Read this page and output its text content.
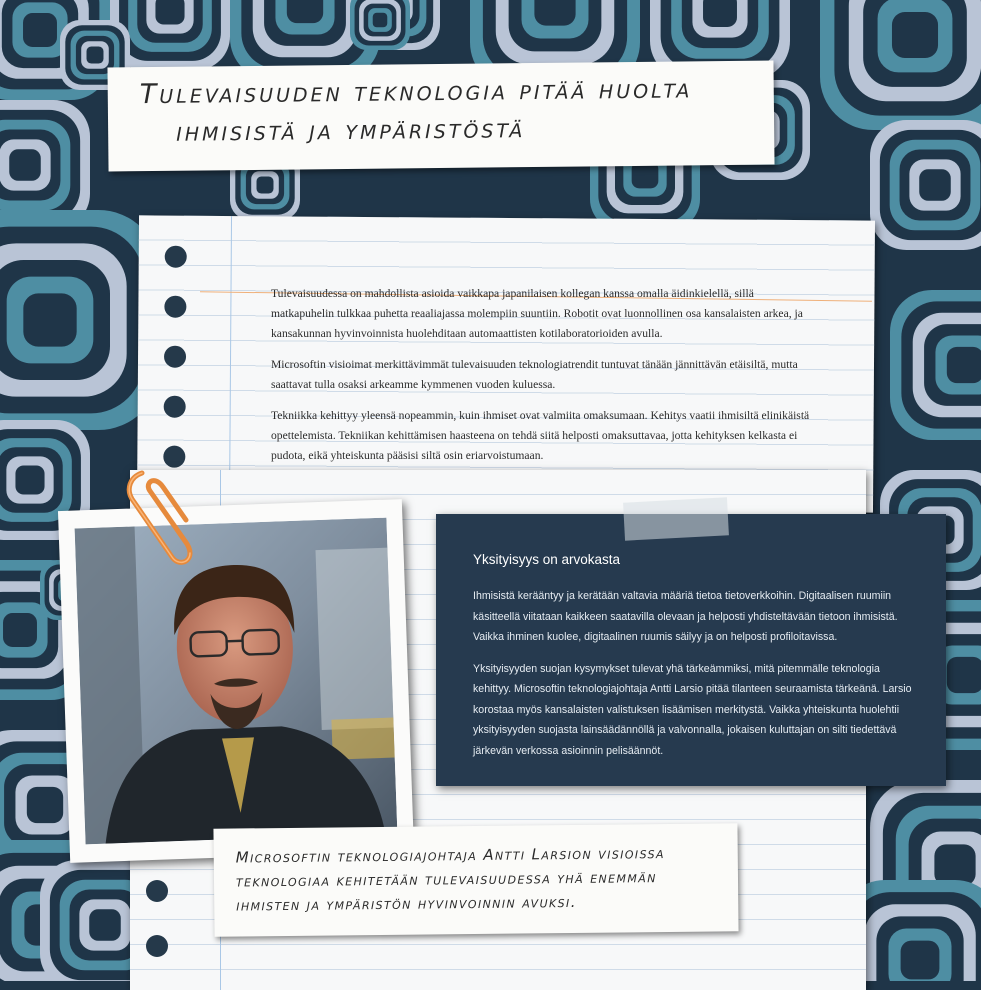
Tulevaisuuden teknologia pitää huolta
ihmisistä ja ympäristöstä

Tulevaisuudessa on mahdollista asioida vaikkapa japanilaisen kollegan kanssa omalla äidinkielellä, sillä matkapuhelin tulkkaa puhetta reaaliajassa molempiin suuntiin. Robotit ovat luonnollinen osa kansalaisten arkea, ja kansakunnan hyvinvoinnista huolehditaan automaattisten kotilaboratorioiden avulla.

Microsoftin visioimat merkittävimmät tulevaisuuden teknologiatrendit tuntuvat tänään jännittävän etäisiltä, mutta saattavat tulla osaksi arkeamme kymmenen vuoden kuluessa.

Tekniikka kehittyy yleensä nopeammin, kuin ihmiset ovat valmiita omaksumaan. Kehitys vaatii ihmisiltä elinikäistä opettelemista. Tekniikan kehittämisen haasteena on tehdä siitä helposti omaksuttavaa, jotta kehityksen kelkasta ei pudota, eikä yhteiskunta pääsisi siltä osin eriarvoistumaan.

Yksityisyys on arvokasta

Ihmisistä kerääntyy ja kerätään valtavia määriä tietoa tietoverkkoihin. Digitaalisen ruumiin käsitteellä viitataan kaikkeen saatavilla olevaan ja helposti yhdisteltävään tietoon ihmisistä. Vaikka ihminen kuolee, digitaalinen ruumis säilyy ja on helposti profiloitavissa.

Yksityisyyden suojan kysymykset tulevat yhä tärkeämmiksi, mitä pitemmälle teknologia kehittyy. Microsoftin teknologiajohtaja Antti Larsio pitää tilanteen seuraamista tärkeänä. Larsio korostaa myös kansalaisten valistuksen lisäämisen merkitystä. Vaikka yhteiskunta huolehtii yksityisyyden suojasta lainsäädännöllä ja valvonnalla, jokaisen kuluttajan on silti tiedettävä järkevän verkossa asioinnin pelisäännöt.

Microsoftin teknologiajohtaja Antti Larsion visioissa
teknologiaa kehitetään tulevaisuudessa yhä enemmän
ihmisten ja ympäristön hyvinvoinnin avuksi.
